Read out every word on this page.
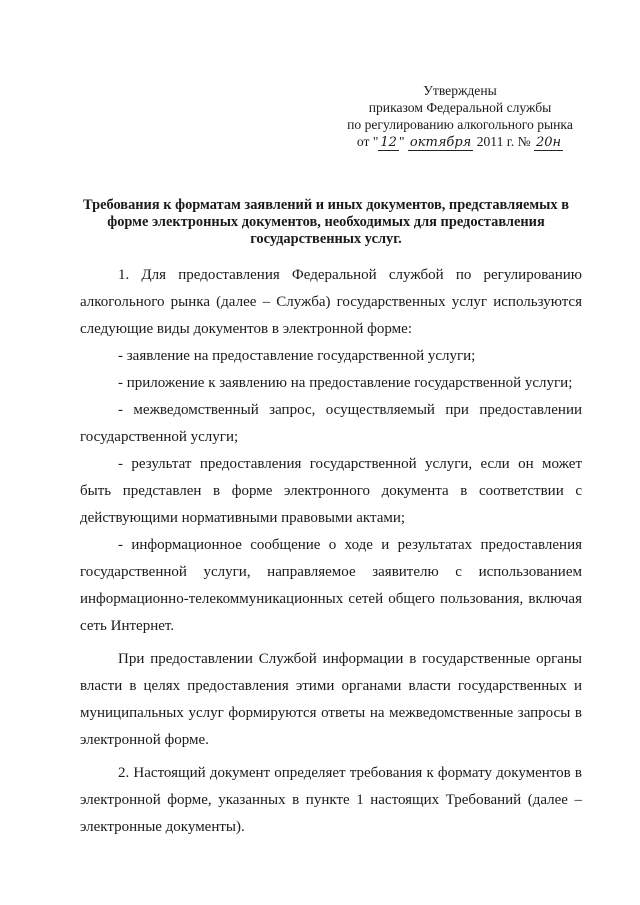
Утверждены
приказом Федеральной службы
по регулированию алкогольного рынка
от " 12 " октября 2011 г. № 20н
Требования к форматам заявлений и иных документов, представляемых в форме электронных документов, необходимых для предоставления государственных услуг.

1. Для предоставления Федеральной службой по регулированию алкогольного рынка (далее – Служба) государственных услуг используются следующие виды документов в электронной форме:

- заявление на предоставление государственной услуги;

- приложение к заявлению на предоставление государственной услуги;

- межведомственный запрос, осуществляемый при предоставлении государственной услуги;

- результат предоставления государственной услуги, если он может быть представлен в форме электронного документа в соответствии с действующими нормативными правовыми актами;

- информационное сообщение о ходе и результатах предоставления государственной услуги, направляемое заявителю с использованием информационно-телекоммуникационных сетей общего пользования, включая сеть Интернет.

При предоставлении Службой информации в государственные органы власти в целях предоставления этими органами власти государственных и муниципальных услуг формируются ответы на межведомственные запросы в электронной форме.

2. Настоящий документ определяет требования к формату документов в электронной форме, указанных в пункте 1 настоящих Требований (далее – электронные документы).
